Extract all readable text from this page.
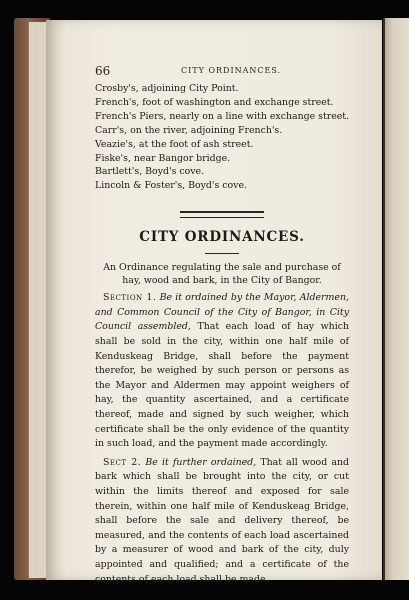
66	CITY ORDINANCES.
Crosby's, adjoining City Point.
French's, foot of washington and exchange street.
French's Piers, nearly on a line with exchange street.
Carr's, on the river, adjoining French's.
Veazie's, at the foot of ash street.
Fiske's, near Bangor bridge.
Bartlett's, Boyd's cove.
Lincoln & Foster's, Boyd's cove.
CITY ORDINANCES.
An Ordinance regulating the sale and purchase of hay, wood and bark, in the City of Bangor.
Section 1. Be it ordained by the Mayor, Aldermen, and Common Council of the City of Bangor, in City Council assembled, That each load of hay which shall be sold in the city, within one half mile of Kenduskeag Bridge, shall before the payment therefor, be weighed by such person or persons as the Mayor and Aldermen may appoint weighers of hay, the quantity ascertained, and a certificate thereof, made and signed by such weigher, which certificate shall be the only evidence of the quantity in such load, and the payment made accordingly.
Sect 2. Be it further ordained, That all wood and bark which shall be brought into the city, or cut within the limits thereof and exposed for sale therein, within one half mile of Kenduskeag Bridge, shall before the sale and delivery thereof, be measured, and the contents of each load ascertained by a measurer of wood and bark of the city, duly appointed and qualified; and a certificate of the contents of each load shall be made
